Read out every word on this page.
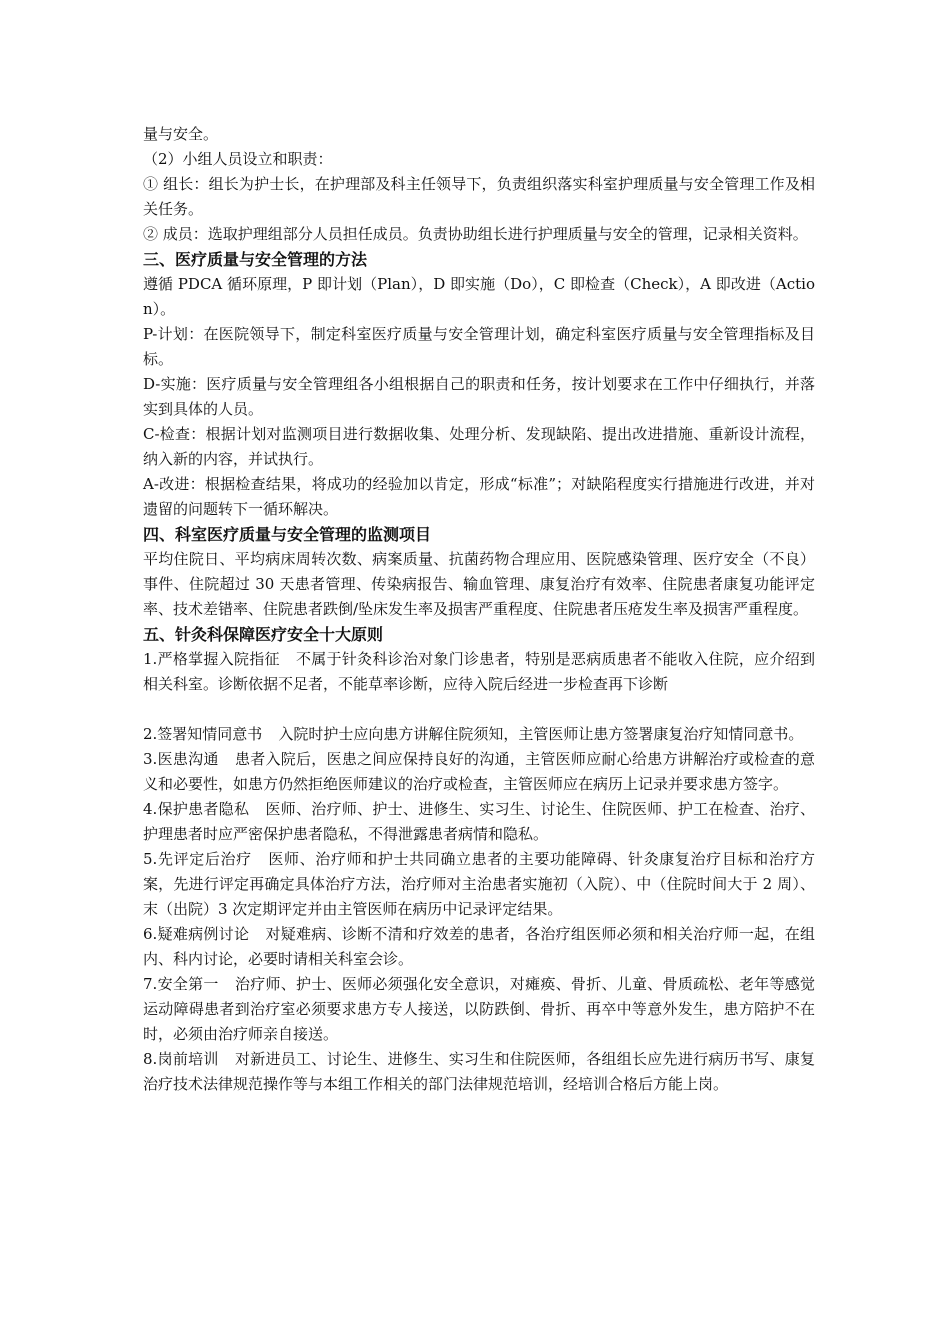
量与安全。

（2）小组人员设立和职责：

① 组长：组长为护士长，在护理部及科主任领导下，负责组织落实科室护理质量与安全管理工作及相关任务。

② 成员：选取护理组部分人员担任成员。负责协助组长进行护理质量与安全的管理，记录相关资料。

三、医疗质量与安全管理的方法

遵循 PDCA 循环原理，P 即计划（Plan），D 即实施（Do），C 即检查（Check），A 即改进（Action）。

P-计划：在医院领导下，制定科室医疗质量与安全管理计划，确定科室医疗质量与安全管理指标及目标。

D-实施：医疗质量与安全管理组各小组根据自己的职责和任务，按计划要求在工作中仔细执行，并落实到具体的人员。

C-检查：根据计划对监测项目进行数据收集、处理分析、发现缺陷、提出改进措施、重新设计流程，纳入新的内容，并试执行。

A-改进：根据检查结果，将成功的经验加以肯定，形成“标准”；对缺陷程度实行措施进行改进，并对遗留的问题转下一循环解决。

四、科室医疗质量与安全管理的监测项目

平均住院日、平均病床周转次数、病案质量、抗菌药物合理应用、医院感染管理、医疗安全（不良）事件、住院超过 30 天患者管理、传染病报告、输血管理、康复治疗有效率、住院患者康复功能评定率、技术差错率、住院患者跌倒/坠床发生率及损害严重程度、住院患者压疮发生率及损害严重程度。

五、针灸科保障医疗安全十大原则

1.严格掌握入院指征 不属于针灸科诊治对象门诊患者，特别是恶病质患者不能收入住院，应介绍到相关科室。诊断依据不足者，不能草率诊断，应待入院后经进一步检查再下诊断

2.签署知情同意书 入院时护士应向患方讲解住院须知，主管医师让患方签署康复治疗知情同意书。

3.医患沟通 患者入院后，医患之间应保持良好的沟通，主管医师应耐心给患方讲解治疗或检查的意义和必要性，如患方仍然拒绝医师建议的治疗或检查，主管医师应在病历上记录并要求患方签字。

4.保护患者隐私 医师、治疗师、护士、进修生、实习生、讨论生、住院医师、护工在检查、治疗、护理患者时应严密保护患者隐私，不得泄露患者病情和隐私。

5.先评定后治疗 医师、治疗师和护士共同确立患者的主要功能障碍、针灸康复治疗目标和治疗方案，先进行评定再确定具体治疗方法，治疗师对主治患者实施初（入院）、中（住院时间大于 2 周）、末（出院）3 次定期评定并由主管医师在病历中记录评定结果。

6.疑难病例讨论 对疑难病、诊断不清和疗效差的患者，各治疗组医师必须和相关治疗师一起，在组内、科内讨论，必要时请相关科室会诊。

7.安全第一 治疗师、护士、医师必须强化安全意识，对瘫痪、骨折、儿童、骨质疏松、老年等感觉运动障碍患者到治疗室必须要求患方专人接送，以防跌倒、骨折、再卒中等意外发生，患方陪护不在时，必须由治疗师亲自接送。

8.岗前培训 对新进员工、讨论生、进修生、实习生和住院医师，各组组长应先进行病历书写、康复治疗技术法律规范操作等与本组工作相关的部门法律规范培训，经培训合格后方能上岗。
